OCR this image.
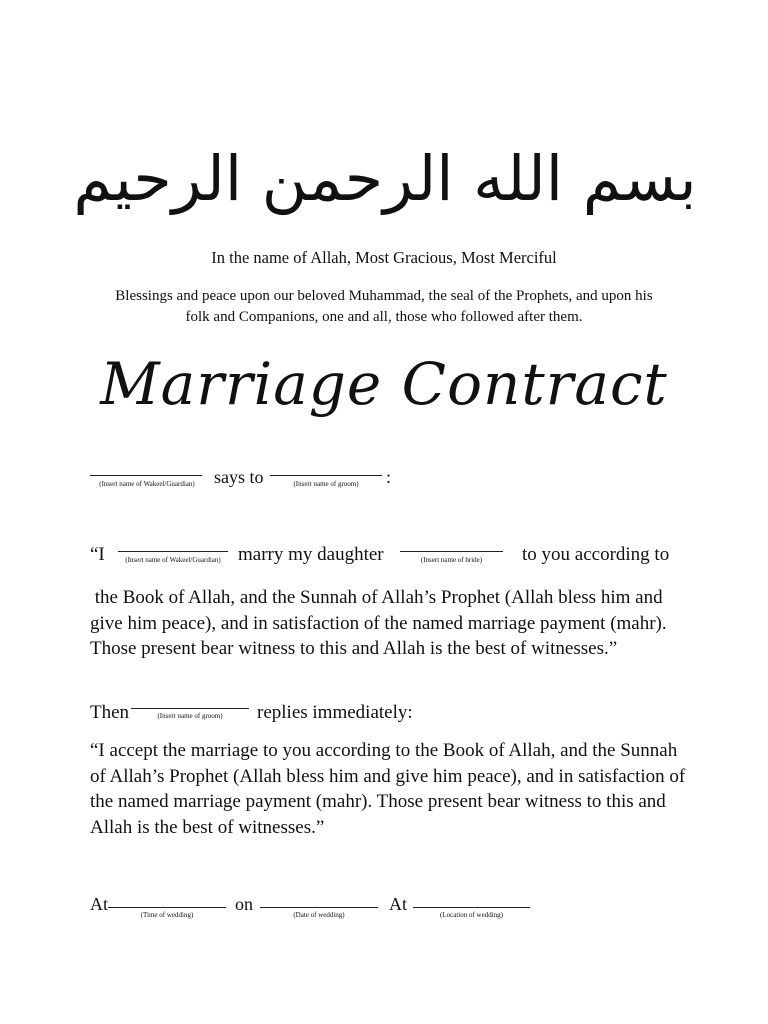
بسم الله الرحمن الرحيم
In the name of Allah, Most Gracious, Most Merciful
Blessings and peace upon our beloved Muhammad, the seal of the Prophets, and upon his
folk and Companions, one and all, those who followed after them.
Marriage Contract
(Insert name of Wakeel/Guardian)	says to	(Insert name of groom)	:
“I	(Insert name of Wakeel/Guardian) marry my daughter	(Insert name of bride)	to you according to
the Book of Allah, and the Sunnah of Allah’s Prophet (Allah bless him and give him peace), and in satisfaction of the named marriage payment (mahr). Those present bear witness to this and Allah is the best of witnesses.”
Then	(Insert name of groom)	replies immediately:
“I accept the marriage to you according to the Book of Allah, and the Sunnah of Allah’s Prophet (Allah bless him and give him peace), and in satisfaction of the named marriage payment (mahr). Those present bear witness to this and Allah is the best of witnesses.”
At
(Time of wedding)
on
(Date of wedding)
At
(Location of wedding)
